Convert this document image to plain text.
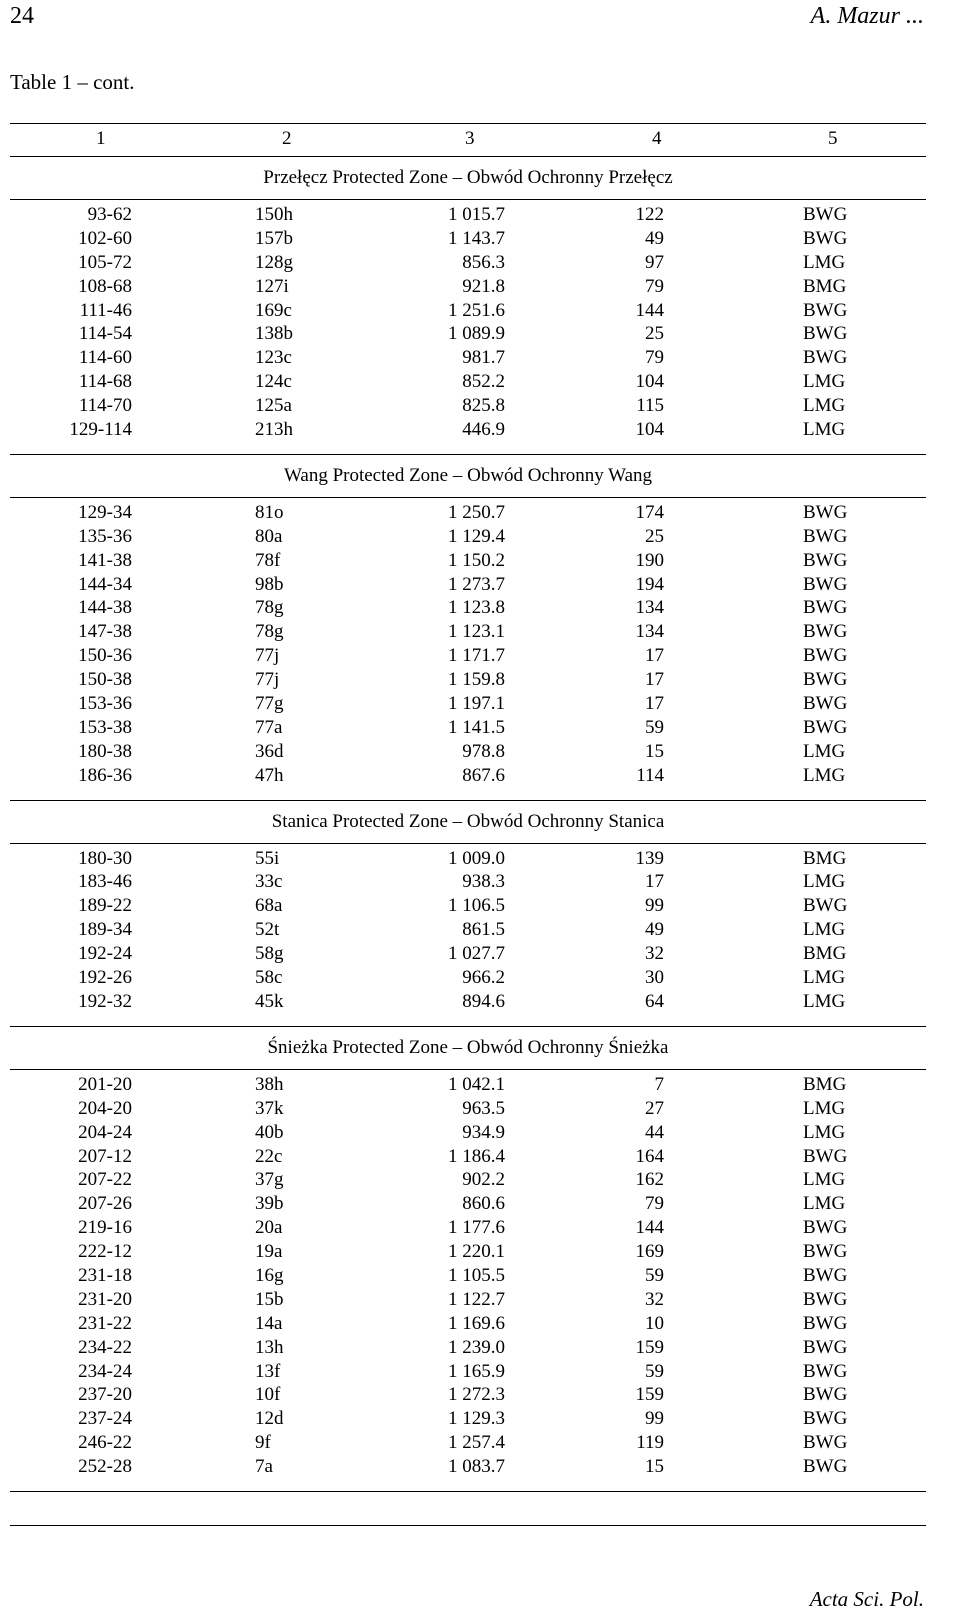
24	A. Mazur ...
Table 1 – cont.
1	2	3	4	5
Przełęcz Protected Zone – Obwód Ochronny Przełęcz
93-62	150h	1 015.7	122	BWG
102-60	157b	1 143.7	49	BWG
105-72	128g	856.3	97	LMG
108-68	127i	921.8	79	BMG
111-46	169c	1 251.6	144	BWG
114-54	138b	1 089.9	25	BWG
114-60	123c	981.7	79	BWG
114-68	124c	852.2	104	LMG
114-70	125a	825.8	115	LMG
129-114	213h	446.9	104	LMG
Wang Protected Zone – Obwód Ochronny Wang
129-34	81o	1 250.7	174	BWG
135-36	80a	1 129.4	25	BWG
141-38	78f	1 150.2	190	BWG
144-34	98b	1 273.7	194	BWG
144-38	78g	1 123.8	134	BWG
147-38	78g	1 123.1	134	BWG
150-36	77j	1 171.7	17	BWG
150-38	77j	1 159.8	17	BWG
153-36	77g	1 197.1	17	BWG
153-38	77a	1 141.5	59	BWG
180-38	36d	978.8	15	LMG
186-36	47h	867.6	114	LMG
Stanica Protected Zone – Obwód Ochronny Stanica
180-30	55i	1 009.0	139	BMG
183-46	33c	938.3	17	LMG
189-22	68a	1 106.5	99	BWG
189-34	52t	861.5	49	LMG
192-24	58g	1 027.7	32	BMG
192-26	58c	966.2	30	LMG
192-32	45k	894.6	64	LMG
Śnieżka Protected Zone – Obwód Ochronny Śnieżka
201-20	38h	1 042.1	7	BMG
204-20	37k	963.5	27	LMG
204-24	40b	934.9	44	LMG
207-12	22c	1 186.4	164	BWG
207-22	37g	902.2	162	LMG
207-26	39b	860.6	79	LMG
219-16	20a	1 177.6	144	BWG
222-12	19a	1 220.1	169	BWG
231-18	16g	1 105.5	59	BWG
231-20	15b	1 122.7	32	BWG
231-22	14a	1 169.6	10	BWG
234-22	13h	1 239.0	159	BWG
234-24	13f	1 165.9	59	BWG
237-20	10f	1 272.3	159	BWG
237-24	12d	1 129.3	99	BWG
246-22	9f	1 257.4	119	BWG
252-28	7a	1 083.7	15	BWG
Acta Sci. Pol.
